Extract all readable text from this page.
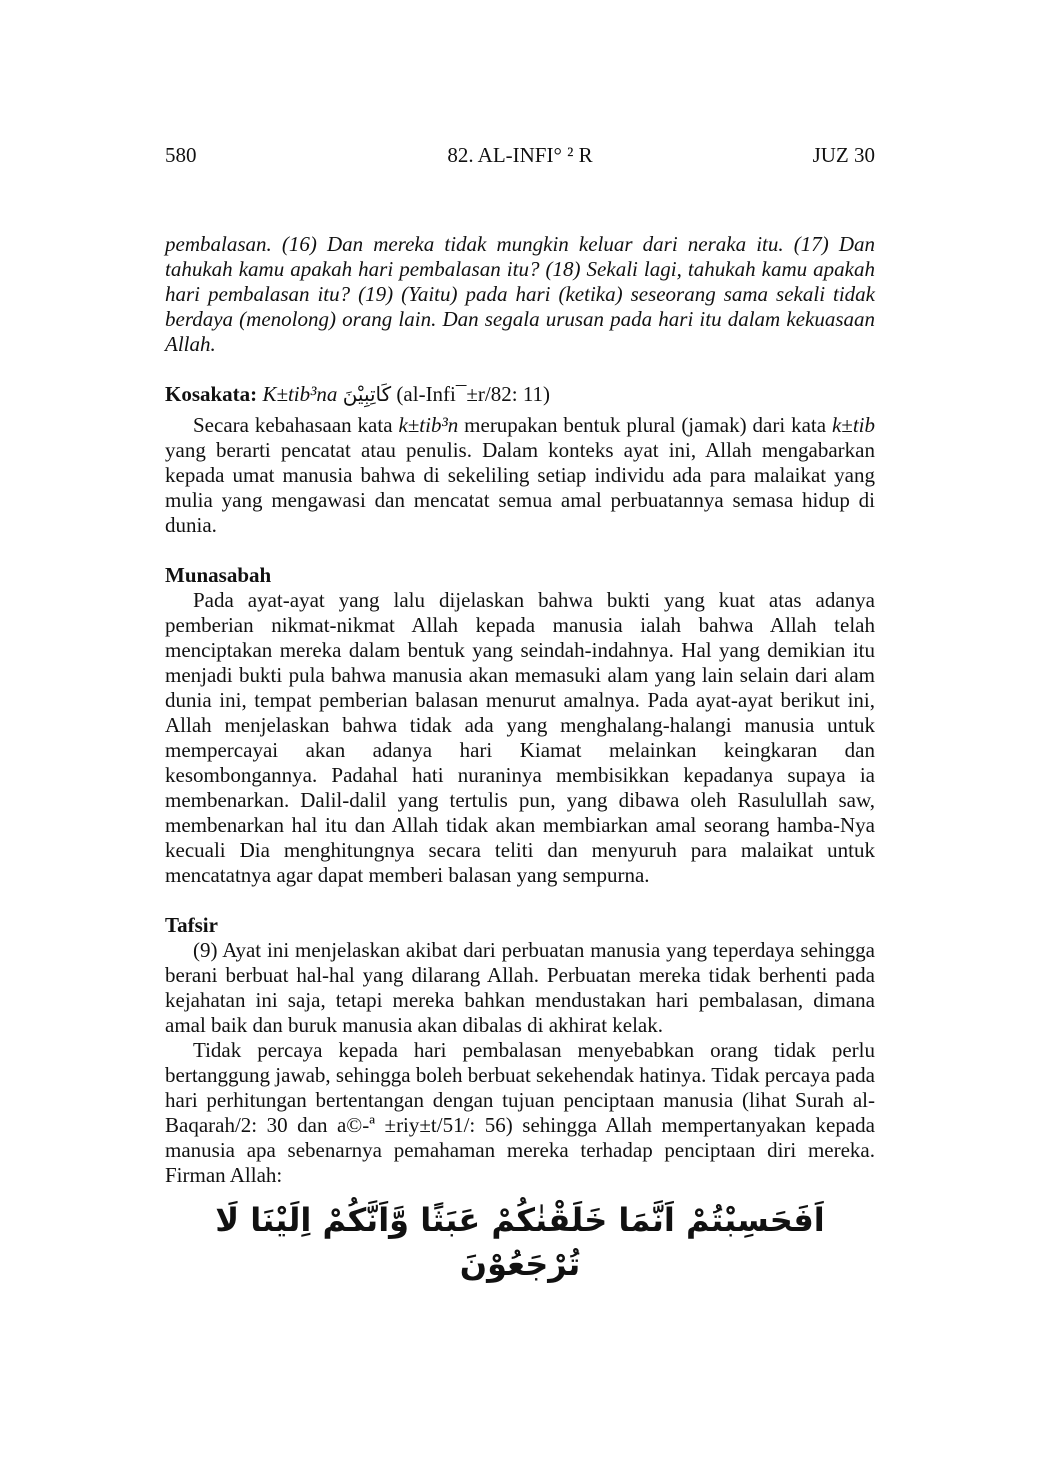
580	82. AL-INFI° ² R	JUZ 30

pembalasan. (16) Dan mereka tidak mungkin keluar dari neraka itu. (17) Dan tahukah kamu apakah hari pembalasan itu? (18) Sekali lagi, tahukah kamu apakah hari pembalasan itu? (19) (Yaitu) pada hari (ketika) seseorang sama sekali tidak berdaya (menolong) orang lain. Dan segala urusan pada hari itu dalam kekuasaan Allah.

Kosakata: K±tib³na كَاتِبِيْنَ (al-Infi¯±r/82: 11)

Secara kebahasaan kata k±tib³n merupakan bentuk plural (jamak) dari kata k±tib yang berarti pencatat atau penulis. Dalam konteks ayat ini, Allah mengabarkan kepada umat manusia bahwa di sekeliling setiap individu ada para malaikat yang mulia yang mengawasi dan mencatat semua amal perbuatannya semasa hidup di dunia.

Munasabah

Pada ayat-ayat yang lalu dijelaskan bahwa bukti yang kuat atas adanya pemberian nikmat-nikmat Allah kepada manusia ialah bahwa Allah telah menciptakan mereka dalam bentuk yang seindah-indahnya. Hal yang demikian itu menjadi bukti pula bahwa manusia akan memasuki alam yang lain selain dari alam dunia ini, tempat pemberian balasan menurut amalnya. Pada ayat-ayat berikut ini, Allah menjelaskan bahwa tidak ada yang menghalang-halangi manusia untuk mempercayai akan adanya hari Kiamat melainkan keingkaran dan kesombongannya. Padahal hati nuraninya membisikkan kepadanya supaya ia membenarkan. Dalil-dalil yang tertulis pun, yang dibawa oleh Rasulullah saw, membenarkan hal itu dan Allah tidak akan membiarkan amal seorang hamba-Nya kecuali Dia menghitungnya secara teliti dan menyuruh para malaikat untuk mencatatnya agar dapat memberi balasan yang sempurna.

Tafsir

(9) Ayat ini menjelaskan akibat dari perbuatan manusia yang teperdaya sehingga berani berbuat hal-hal yang dilarang Allah. Perbuatan mereka tidak berhenti pada kejahatan ini saja, tetapi mereka bahkan mendustakan hari pembalasan, dimana amal baik dan buruk manusia akan dibalas di akhirat kelak.

Tidak percaya kepada hari pembalasan menyebabkan orang tidak perlu bertanggung jawab, sehingga boleh berbuat sekehendak hatinya. Tidak percaya pada hari perhitungan bertentangan dengan tujuan penciptaan manusia (lihat Surah al-Baqarah/2: 30 dan a©-ª ±riy±t/51/: 56) sehingga Allah mempertanyakan kepada manusia apa sebenarnya pemahaman mereka terhadap penciptaan diri mereka. Firman Allah:

اَفَحَسِبْتُمْ اَنَّمَا خَلَقْنٰكُمْ عَبَثًا وَّاَنَّكُمْ اِلَيْنَا لَا تُرْجَعُوْنَ
